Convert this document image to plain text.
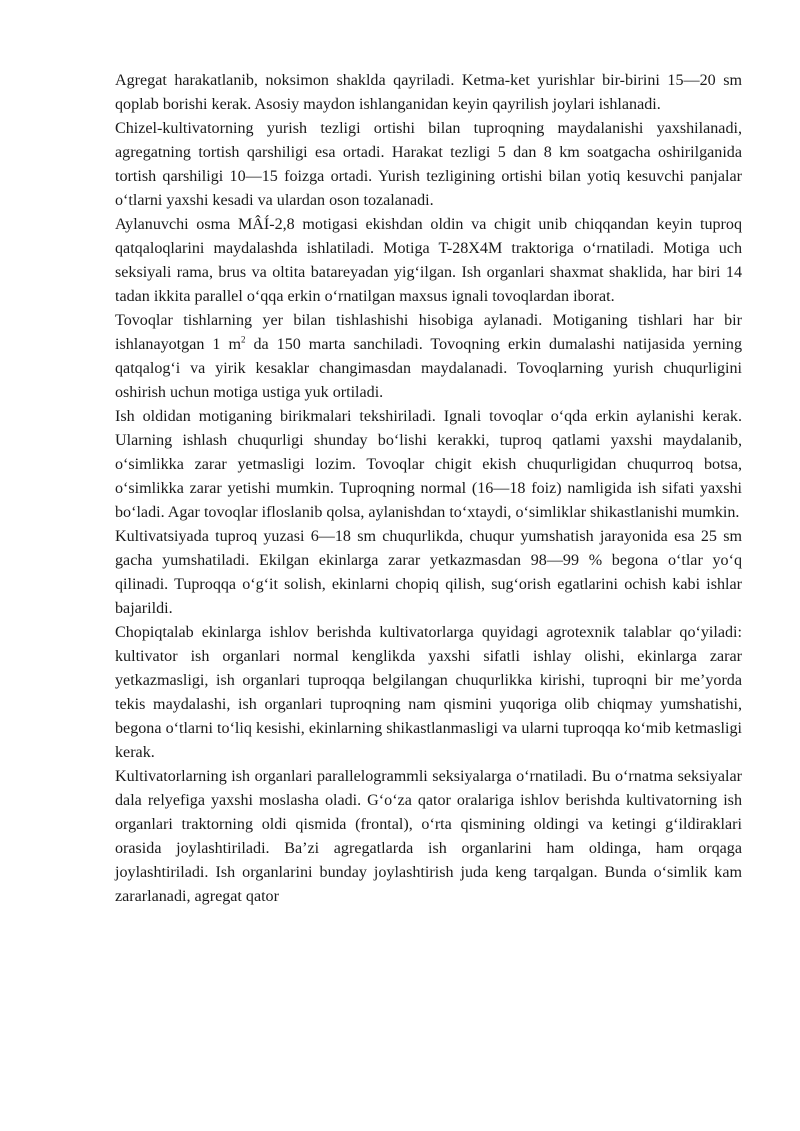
Agregat harakatlanib, noksimon shaklda qayriladi. Ketma-ket yurishlar bir-birini 15—20 sm qoplab borishi kerak. Asosiy maydon ishlanganidan keyin qayrilish joylari ishlanadi.

Chizel-kultivatorning yurish tezligi ortishi bilan tuproqning maydalanishi yaxshilanadi, agregatning tortish qarshiligi esa ortadi. Harakat tezligi 5 dan 8 km soatgacha oshirilganida tortish qarshiligi 10—15 foizga ortadi. Yurish tezligining ortishi bilan yotiq kesuvchi panjalar o‘tlarni yaxshi kesadi va ulardan oson tozalanadi.

Aylanuvchi osma MÂÍ-2,8 motigasi ekishdan oldin va chigit unib chiqqandan keyin tuproq qatqaloqlarini maydalashda ishlatiladi. Motiga T-28X4M traktoriga o‘rnatiladi. Motiga uch seksiyali rama, brus va oltita batareyadan yig‘ilgan. Ish organlari shaxmat shaklida, har biri 14 tadan ikkita parallel o‘qqa erkin o‘rnatilgan maxsus ignali tovoqlardan iborat.

Tovoqlar tishlarning yer bilan tishlashishi hisobiga aylanadi. Motiganing tishlari har bir ishlanayotgan 1 $m^2$ da 150 marta sanchiladi. Tovoqning erkin dumalashi natijasida yerning qatqalog‘i va yirik kesaklar changimasdan maydalanadi. Tovoqlarning yurish chuqurligini oshirish uchun motiga ustiga yuk ortiladi.

Ish oldidan motiganing birikmalari tekshiriladi. Ignali tovoqlar o‘qda erkin aylanishi kerak. Ularning ishlash chuqurligi shunday bo‘lishi kerakki, tuproq qatlami yaxshi maydalanib, o‘simlikka zarar yetmasligi lozim. Tovoqlar chigit ekish chuqurligidan chuqurroq botsa, o‘simlikka zarar yetishi mumkin. Tuproqning normal (16—18 foiz) namligida ish sifati yaxshi bo‘ladi. Agar tovoqlar ifloslanib qolsa, aylanishdan to‘xtaydi, o‘simliklar shikastlanishi mumkin.

Kultivatsiyada tuproq yuzasi 6—18 sm chuqurlikda, chuqur yumshatish jarayonida esa 25 sm gacha yumshatiladi. Ekilgan ekinlarga zarar yetkazmasdan 98—99 % begona o‘tlar yo‘q qilinadi. Tuproqqa o‘g‘it solish, ekinlarni chopiq qilish, sug‘orish egatlarini ochish kabi ishlar bajarildi.

Chopiqtalab ekinlarga ishlov berishda kultivatorlarga quyidagi agrotexnik talablar qo‘yiladi: kultivator ish organlari normal kenglikda yaxshi sifatli ishlay olishi, ekinlarga zarar yetkazmasligi, ish organlari tuproqqa belgilangan chuqurlikka kirishi, tuproqni bir me’yorda tekis maydalashi, ish organlari tuproqning nam qismini yuqoriga olib chiqmay yumshatishi, begona o‘tlarni to‘liq kesishi, ekinlarning shikastlanmasligi va ularni tuproqqa ko‘mib ketmasligi kerak.

Kultivatorlarning ish organlari parallelogrammli seksiyalarga o‘rnatiladi. Bu o‘rnatma seksiyalar dala relyefiga yaxshi moslasha oladi. G‘o‘za qator oralariga ishlov berishda kultivatorning ish organlari traktorning oldi qismida (frontal), o‘rta qismining oldingi va ketingi g‘ildiraklari orasida joylashtiriladi. Ba’zi agregatlarda ish organlarini ham oldinga, ham orqaga joylashtiriladi. Ish organlarini bunday joylashtirish juda keng tarqalgan. Bunda o‘simlik kam zararlanadi, agregat qator
